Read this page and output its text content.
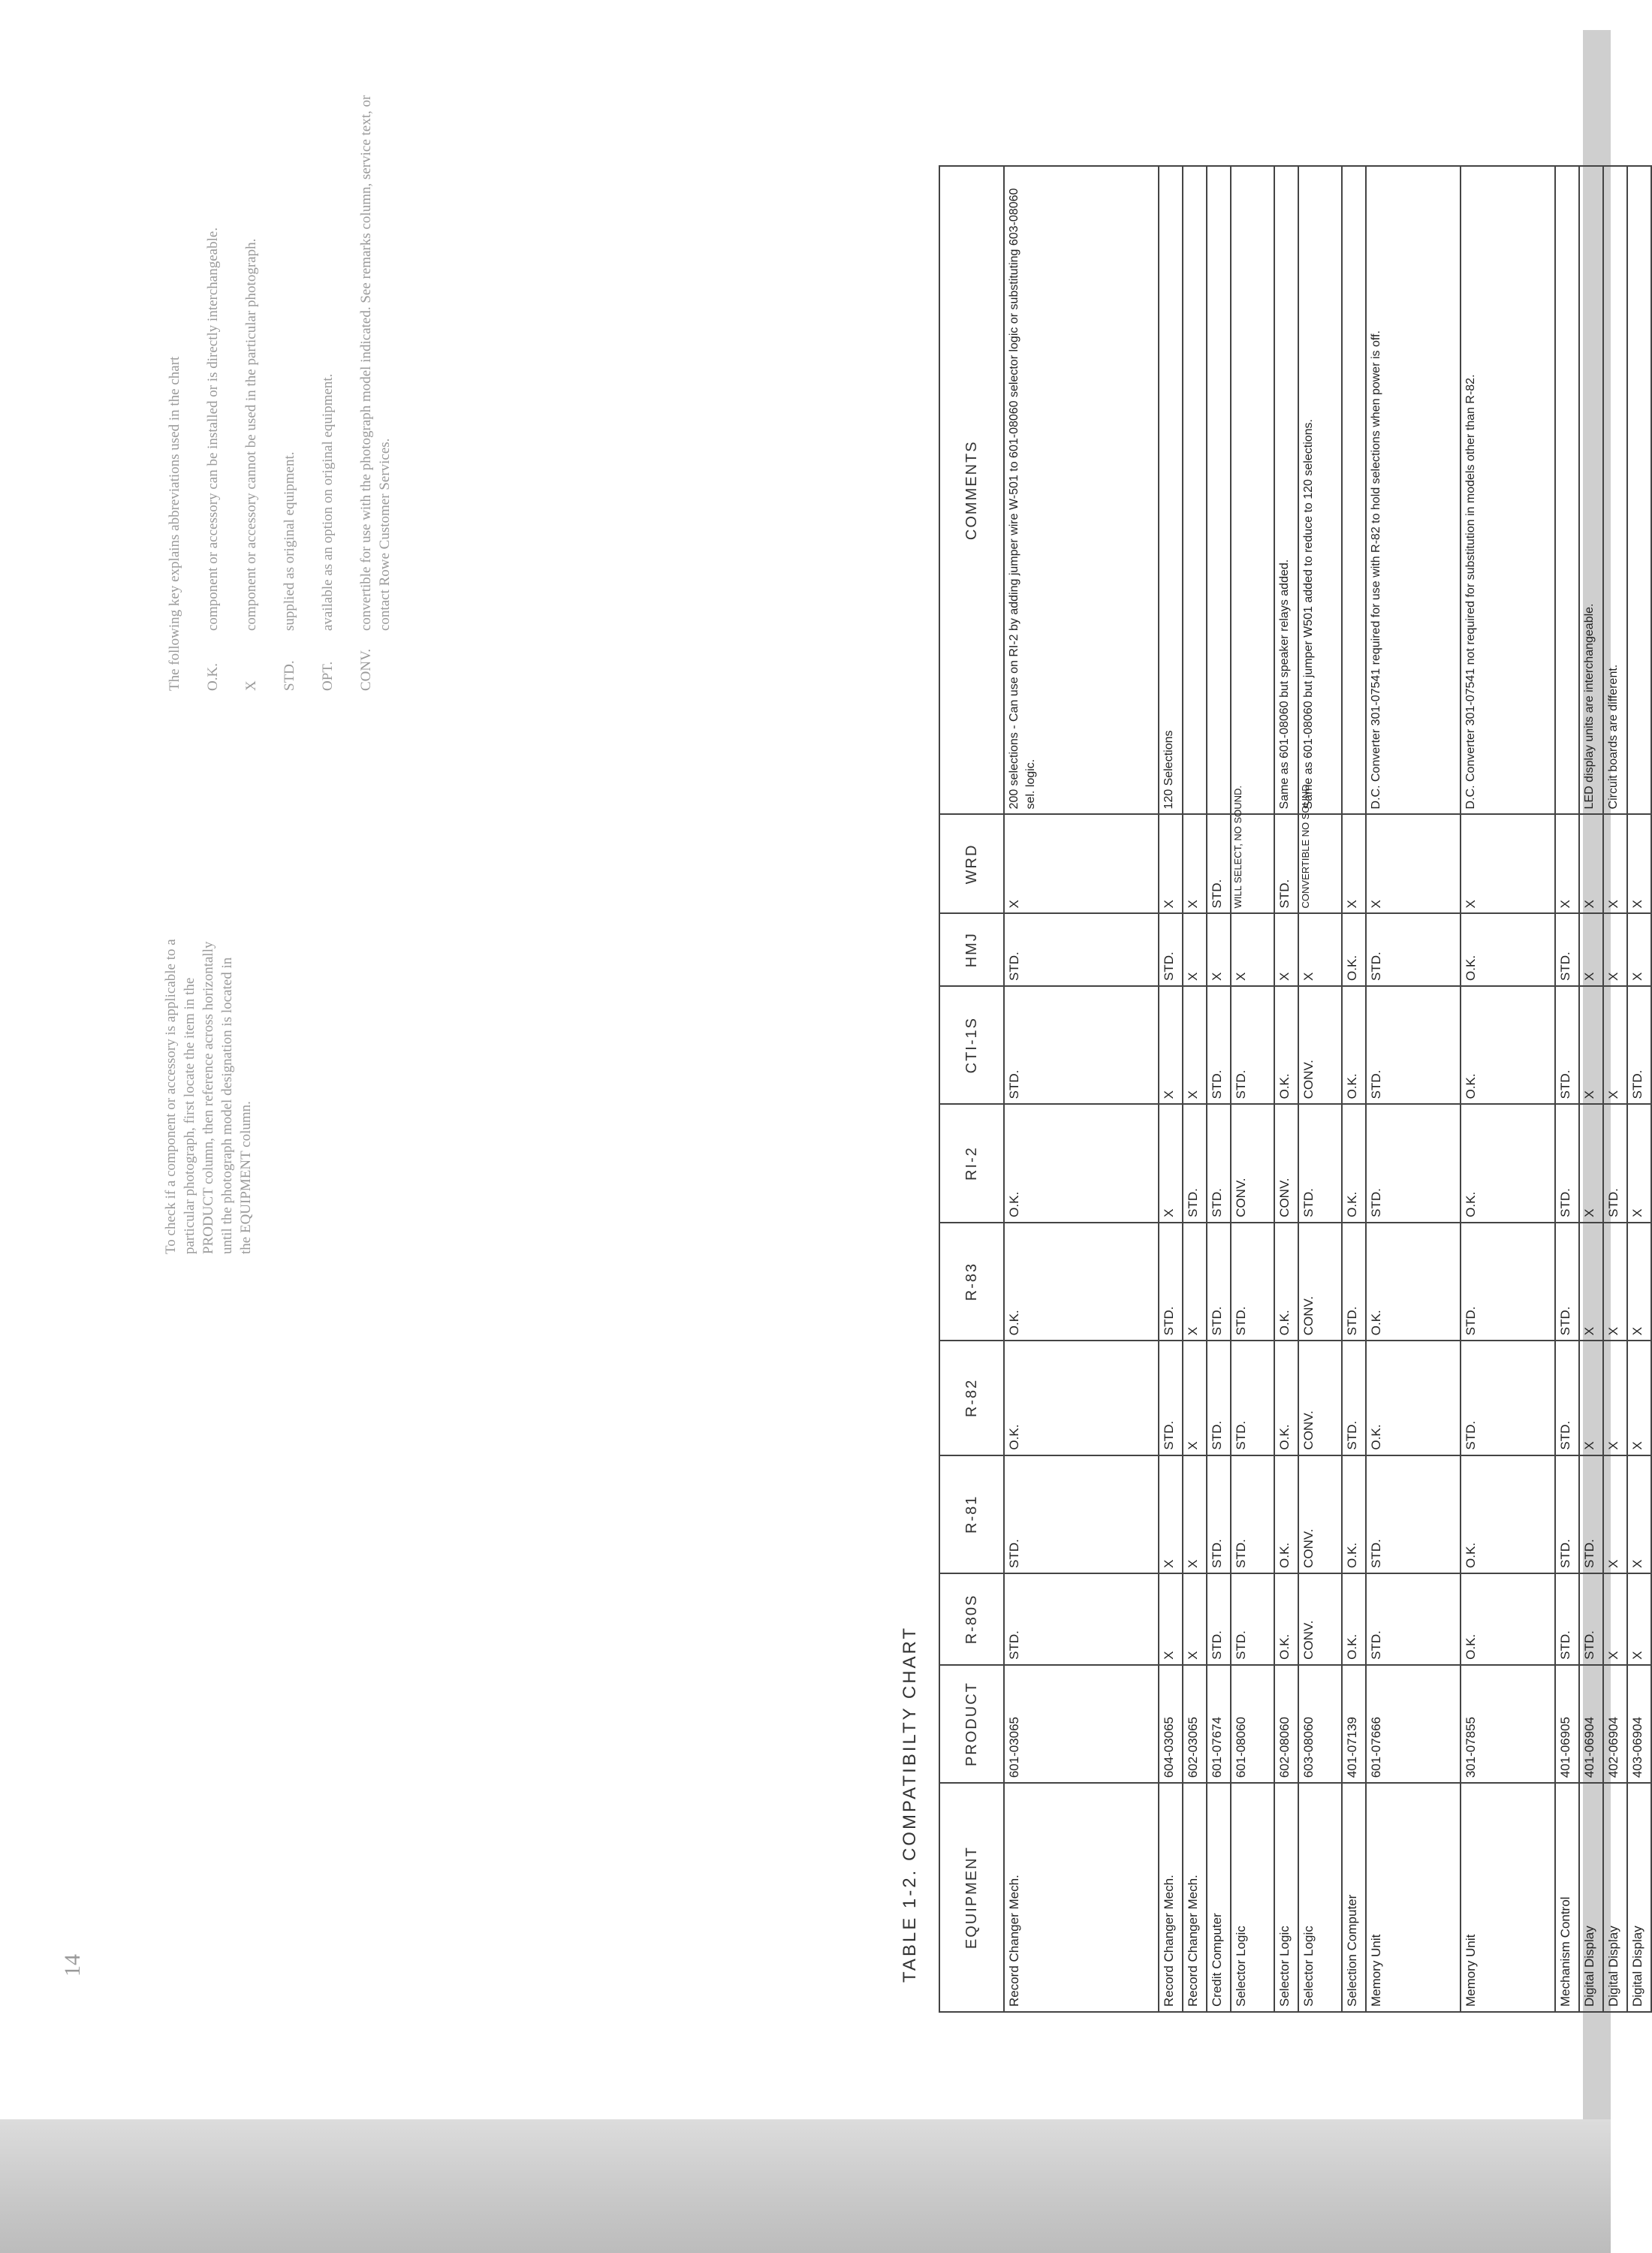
14
To check if a component or accessory is applicable to a particular photograph, first locate the item in the PRODUCT column, then reference across horizontally until the photograph model designation is located in the EQUIPMENT column.
The following key explains abbreviations used in the chart O.K.
component or accessory can be installed or is directly interchangeable.
X
component or accessory cannot be used in the particular photograph.
STD.
supplied as original equipment.
OPT.
available as an option on original equipment.
CONV.
convertible for use with the photograph model indicated. See remarks column, service text, or contact Rowe Customer Services.
TABLE 1-2. COMPATIBILTY CHART	EQUIPMENT	PRODUCT	R-80S	R-81	R-82	R-83	RI-2	CTI-1S	HMJ	WRD	COMMENTS
Record Changer Mech.	601-03065	STD.	STD.	O.K.	O.K.	O.K.	STD.	STD.	X	200 selections - Can use on RI-2 by adding jumper wire W-501 to 601-08060 selector logic or substituting 603-08060 sel. logic.
Record Changer Mech.	604-03065	X	X	STD.	STD.	X	X	STD.	X	120 Selections
Record Changer Mech.	602-03065	X	X	X	X	STD.	X	X	X	
Credit Computer	601-07674	STD.	STD.	STD.	STD.	STD.	STD.	X	STD.	
Selector Logic	601-08060	STD.	STD.	STD.	STD.	CONV.	STD.	X	WILL SELECT, NO SOUND.	
Selector Logic	602-08060	O.K.	O.K.	O.K.	O.K.	CONV.	O.K.	X	STD.	Same as 601-08060 but speaker relays added.
Selector Logic	603-08060	CONV.	CONV.	CONV.	CONV.	STD.	CONV.	X	CONVERTIBLE NO SOUND.	Same as 601-08060 but jumper W501 added to reduce to 120 selections.
Selection Computer	401-07139	O.K.	O.K.	STD.	STD.	O.K.	O.K.	O.K.	X	
Memory Unit	601-07666	STD.	STD.	O.K.	O.K.	STD.	STD.	STD.	X	D.C. Converter 301-07541 required for use with R-82 to hold selections when power is off.
Memory Unit	301-07855	O.K.	O.K.	STD.	STD.	O.K.	O.K.	O.K.	X	D.C. Converter 301-07541 not required for substitution in models other than R-82.
Mechanism Control	401-06905	STD.	STD.	STD.	STD.	STD.	STD.	STD.	X	
Digital Display	401-06904	STD.	STD.	X	X	X	X	X	X	LED display units are interchangeable.
Digital Display	402-06904	X	X	X	X	STD.	X	X	X	Circuit boards are different.
Digital Display	403-06904	X	X	X	X	X	STD.	X	X	
